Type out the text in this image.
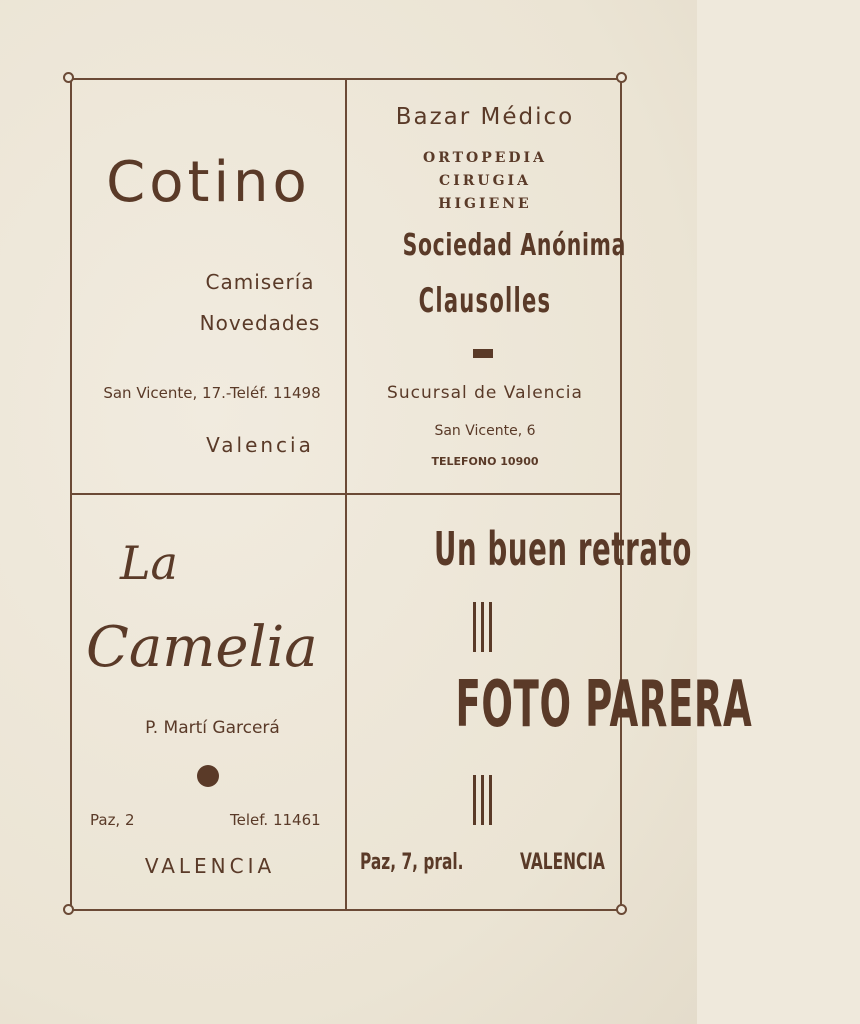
Cotino
Camisería
Novedades
San Vicente, 17.-Teléf. 11498
Valencia
Bazar Médico
ORTOPEDIA
CIRUGIA
HIGIENE
Sociedad Anónima
Clausolles
Sucursal de Valencia
San Vicente, 6
TELEFONO 10900
La
Camelia
P. Martí Garcerá
Paz, 2	Telef. 11461
VALENCIA
Un buen retrato
FOTO PARERA
Paz, 7, pral.	VALENCIA
